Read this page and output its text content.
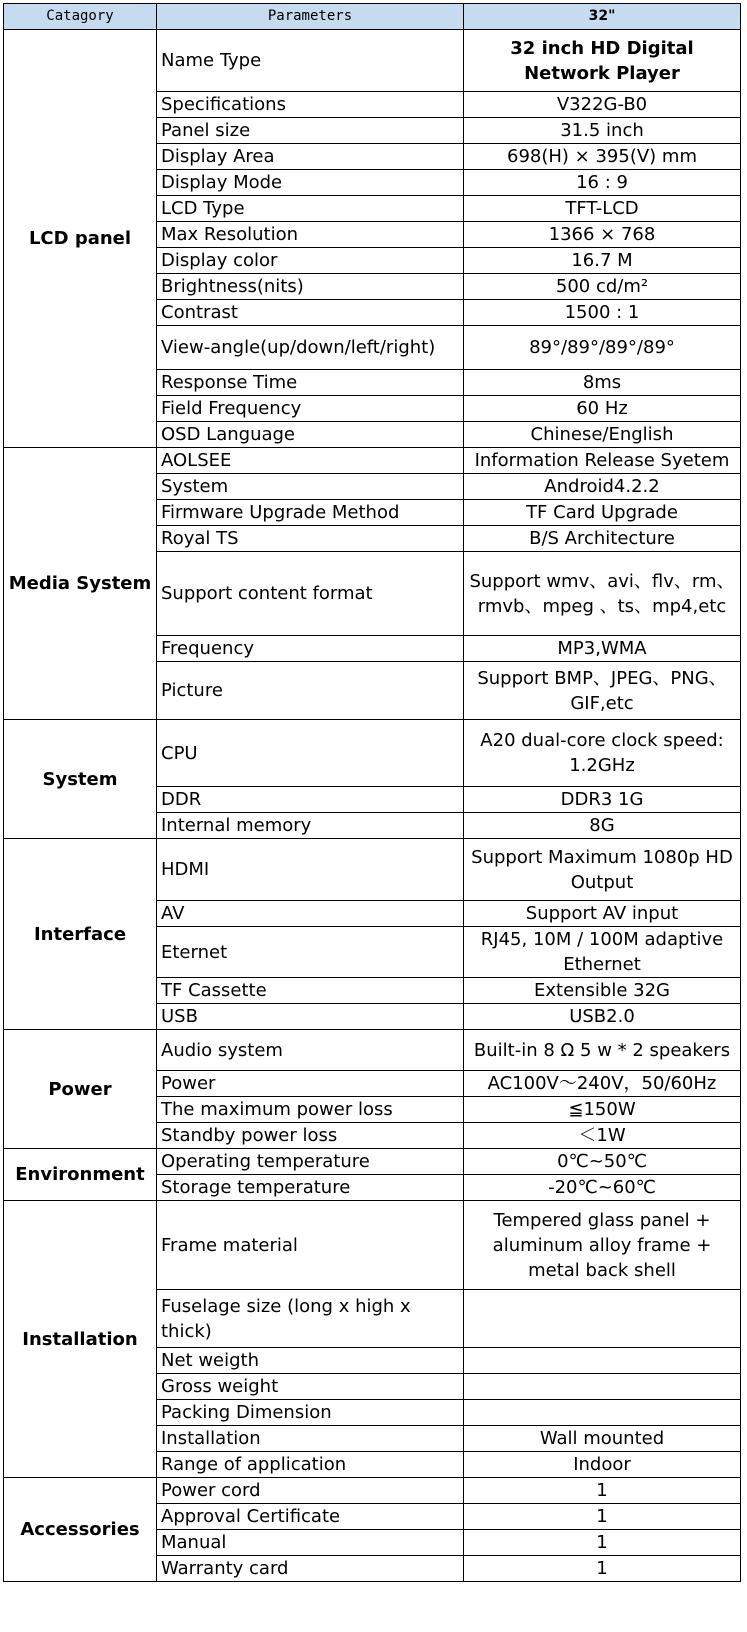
Catagory	Parameters	32"
LCD panel	Name Type	32 inch HD Digital Network Player
	Specifications	V322G-B0
	Panel size	31.5 inch
	Display Area	698(H) × 395(V) mm
	Display Mode	16 : 9
	LCD Type	TFT-LCD
	Max Resolution	1366 × 768
	Display color	16.7 M
	Brightness(nits)	500 cd/m²
	Contrast	1500 : 1
	View-angle(up/down/left/right)	89°/89°/89°/89°
	Response Time	8ms
	Field Frequency	60 Hz
	OSD Language	Chinese/English
Media System	AOLSEE	Information Release Syetem
	System	Android4.2.2
	Firmware Upgrade Method	TF Card Upgrade
	Royal TS	B/S Architecture
	Support content format	Support wmv、avi、flv、rm、rmvb、mpeg 、ts、mp4,etc
	Frequency	MP3,WMA
	Picture	Support BMP、JPEG、PNG、GIF,etc
System	CPU	A20 dual-core clock speed: 1.2GHz
	DDR	DDR3 1G
	Internal memory	8G
Interface	HDMI	Support Maximum 1080p HD Output
	AV	Support AV input
	Eternet	RJ45, 10M / 100M adaptive Ethernet
	TF Cassette	Extensible 32G
	USB	USB2.0
Power	Audio system	Built-in 8 Ω 5 w * 2 speakers
	Power	AC100V～240V，50/60Hz
	The maximum power loss	≦150W
	Standby power loss	＜1W
Environment	Operating temperature	0℃~50℃
	Storage temperature	-20℃~60℃
Installation	Frame material	Tempered glass panel + aluminum alloy frame + metal back shell
	Fuselage size (long x high x thick)	
	Net weigth	
	Gross weight	
	Packing Dimension	
	Installation	Wall mounted
	Range of application	Indoor
Accessories	Power cord	1
	Approval Certificate	1
	Manual	1
	Warranty card	1
